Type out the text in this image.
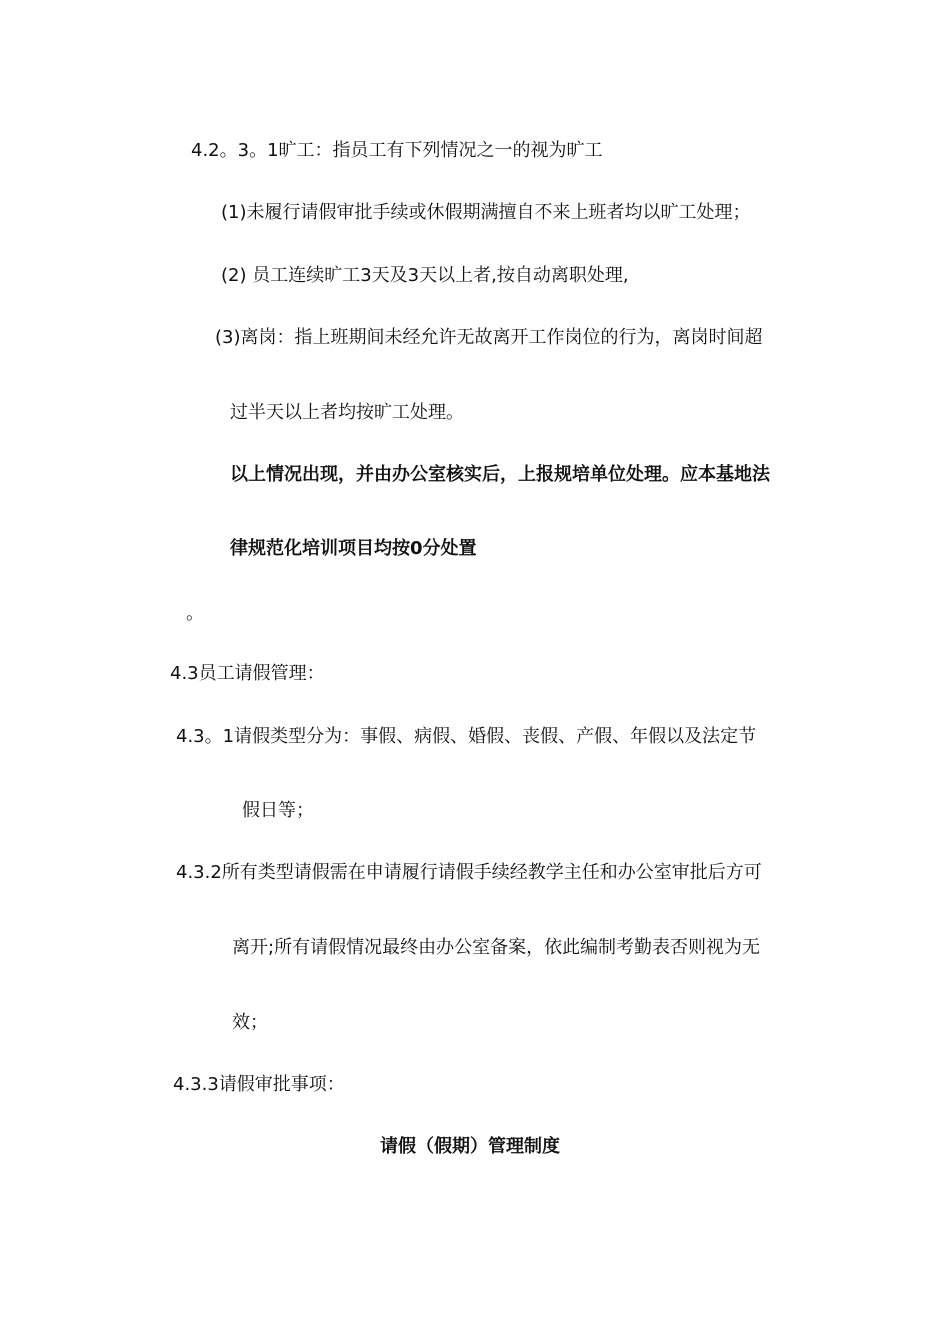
4.2。3。1旷工：指员工有下列情况之一的视为旷工
(1)未履行请假审批手续或休假期满擅自不来上班者均以旷工处理；
(2) 员工连续旷工3天及3天以上者,按自动离职处理,
(3)离岗：指上班期间未经允许无故离开工作岗位的行为，离岗时间超
过半天以上者均按旷工处理。
以上情况出现，并由办公室核实后，上报规培单位处理。应本基地法
律规范化培训项目均按0分处置
。
4.3员工请假管理：
4.3。1请假类型分为：事假、病假、婚假、丧假、产假、年假以及法定节
假日等；
4.3.2所有类型请假需在申请履行请假手续经教学主任和办公室审批后方可
离开;所有请假情况最终由办公室备案，依此编制考勤表否则视为无
效；
4.3.3请假审批事项：
请假（假期）管理制度
